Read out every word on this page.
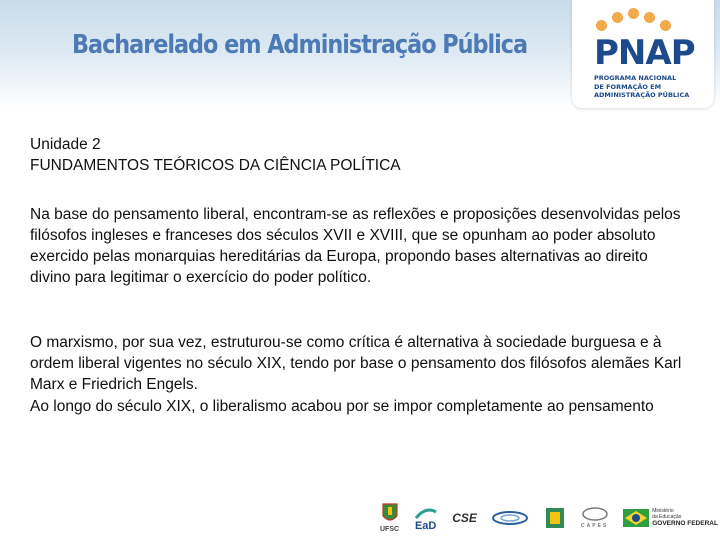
Bacharelado em Administração Pública PNAP
PROGRAMA NACIONAL
DE FORMAÇÃO EM
ADMINISTRAÇÃO PÚBLICA

Unidade 2

FUNDAMENTOS TEÓRICOS DA CIÊNCIA POLÍTICA

Na base do pensamento liberal, encontram-se as reflexões e proposições desenvolvidas pelos filósofos ingleses e franceses dos séculos XVII e XVIII, que se opunham ao poder absoluto exercido pelas monarquias hereditárias da Europa, propondo bases alternativas ao direito divino para legitimar o exercício do poder político.

O marxismo, por sua vez, estruturou-se como crítica é alternativa à sociedade burguesa e à ordem liberal vigentes no século XIX, tendo por base o pensamento dos filósofos alemães Karl Marx e Friedrich Engels.

Ao longo do século XIX, o liberalismo acabou por se impor completamente ao pensamento

UFSC EaD
CSE
CAPES
Ministério
da Educação
GOVERNO FEDERAL
